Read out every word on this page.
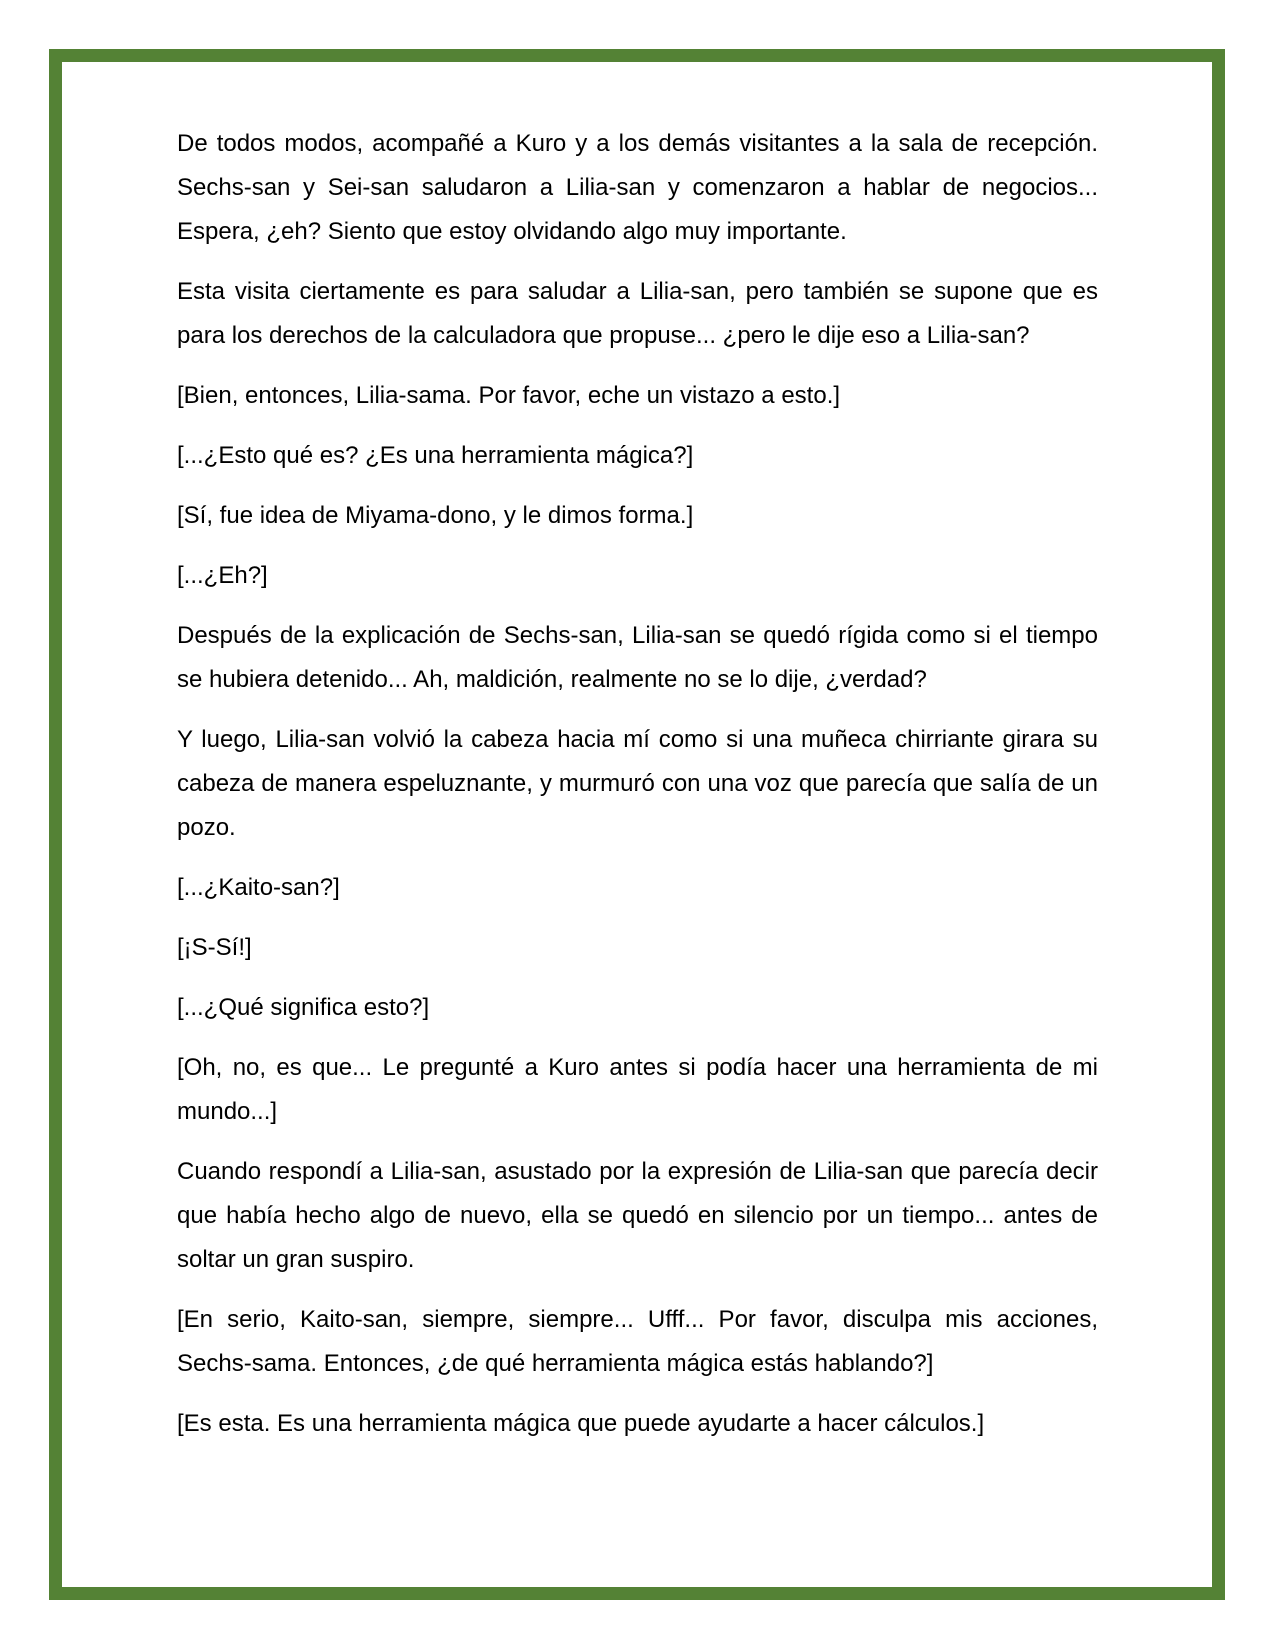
De todos modos, acompañé a Kuro y a los demás visitantes a la sala de recepción. Sechs-san y Sei-san saludaron a Lilia-san y comenzaron a hablar de negocios... Espera, ¿eh? Siento que estoy olvidando algo muy importante.

Esta visita ciertamente es para saludar a Lilia-san, pero también se supone que es para los derechos de la calculadora que propuse... ¿pero le dije eso a Lilia-san?

[Bien, entonces, Lilia-sama. Por favor, eche un vistazo a esto.]

[...¿Esto qué es? ¿Es una herramienta mágica?]

[Sí, fue idea de Miyama-dono, y le dimos forma.]

[...¿Eh?]

Después de la explicación de Sechs-san, Lilia-san se quedó rígida como si el tiempo se hubiera detenido... Ah, maldición, realmente no se lo dije, ¿verdad?

Y luego, Lilia-san volvió la cabeza hacia mí como si una muñeca chirriante girara su cabeza de manera espeluznante, y murmuró con una voz que parecía que salía de un pozo.

[...¿Kaito-san?]

[¡S-Sí!]

[...¿Qué significa esto?]

[Oh, no, es que... Le pregunté a Kuro antes si podía hacer una herramienta de mi mundo...]

Cuando respondí a Lilia-san, asustado por la expresión de Lilia-san que parecía decir que había hecho algo de nuevo, ella se quedó en silencio por un tiempo... antes de soltar un gran suspiro.

[En serio, Kaito-san, siempre, siempre... Ufff... Por favor, disculpa mis acciones, Sechs-sama. Entonces, ¿de qué herramienta mágica estás hablando?]

[Es esta. Es una herramienta mágica que puede ayudarte a hacer cálculos.]
